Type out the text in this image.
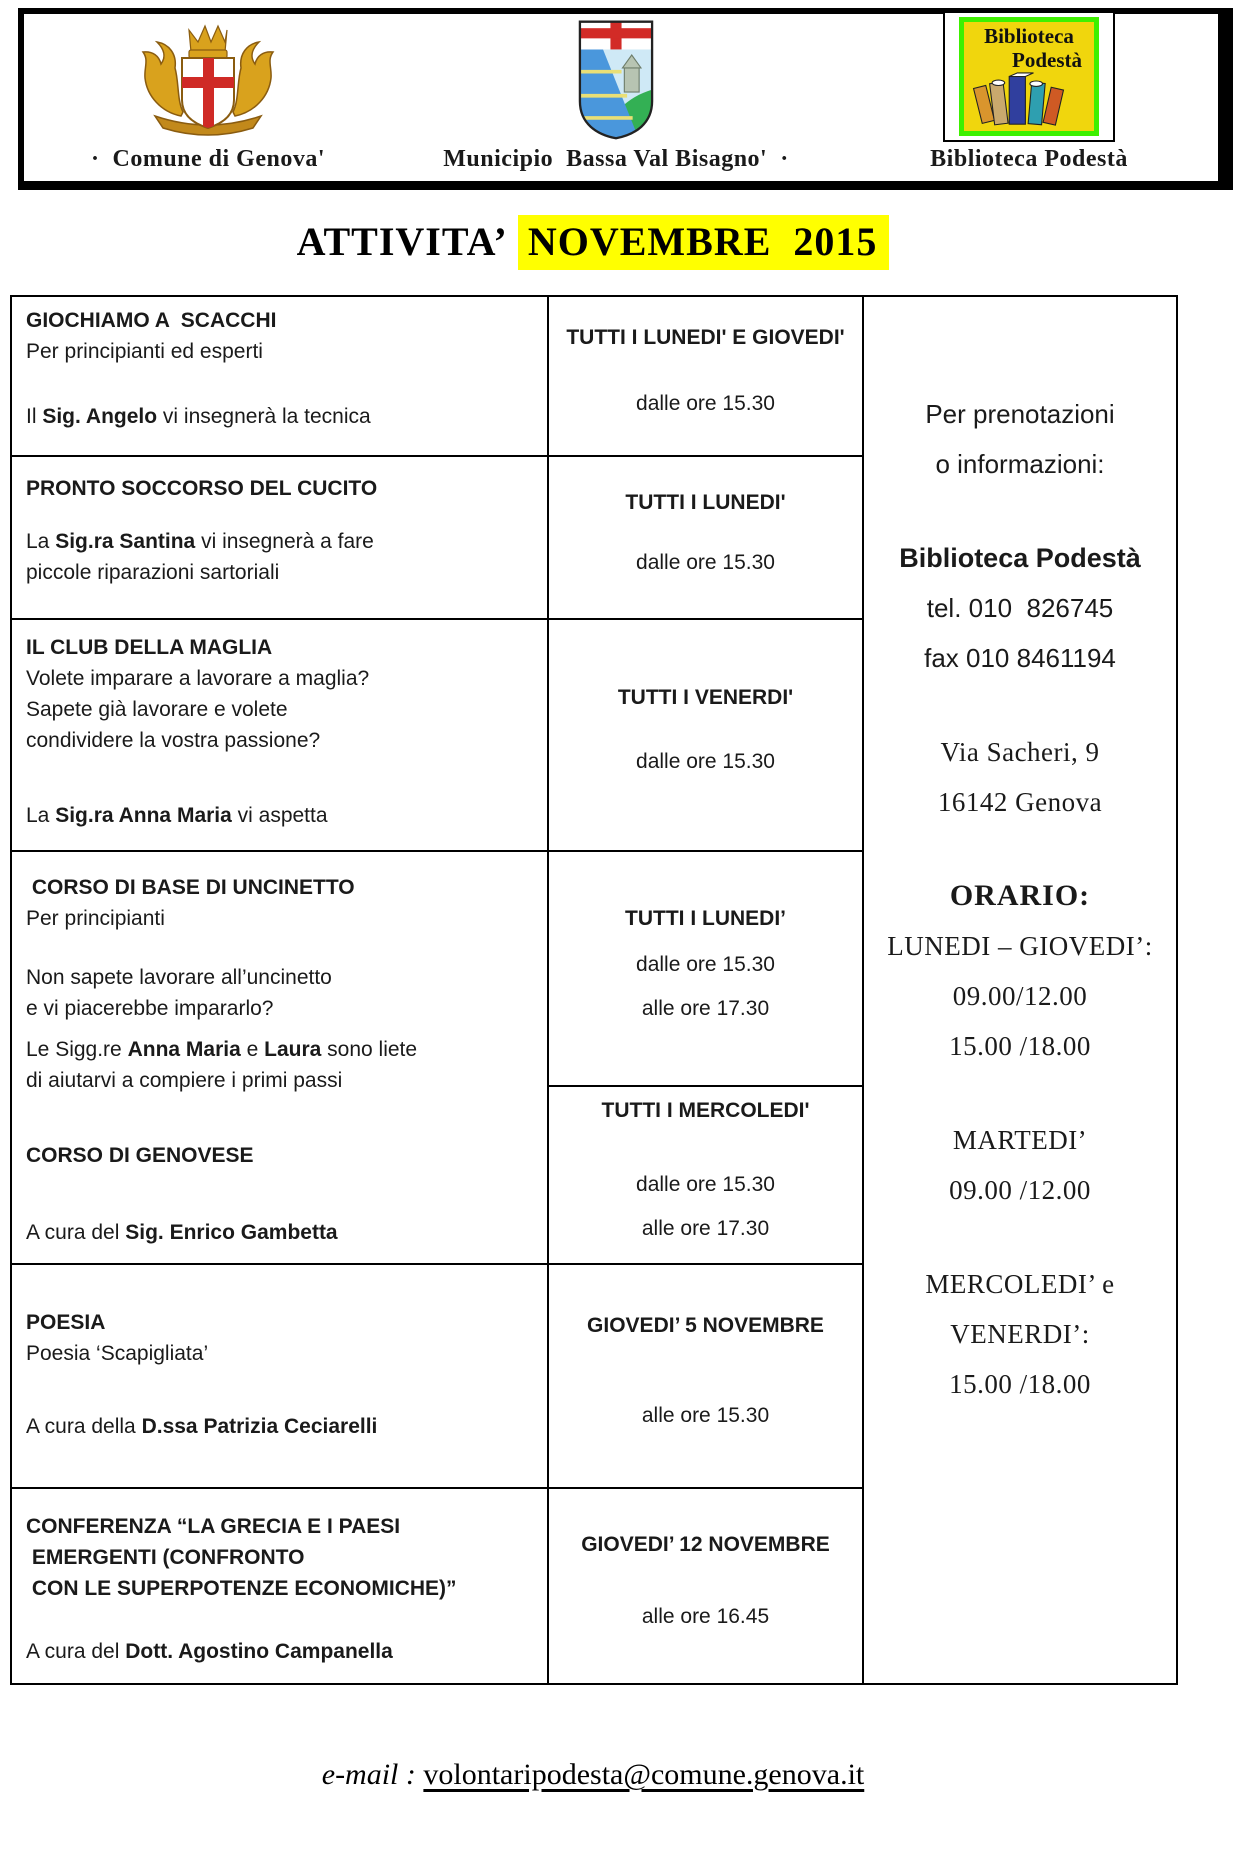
·  Comune di Genova'	Municipio  Bassa Val Bisagno'  ·
Biblioteca
Podestà
Biblioteca Podestà
ATTIVITA’ NOVEMBRE  2015
GIOCHIAMO A  SCACCHI
Per principianti ed esperti
Il Sig. Angelo vi insegnerà la tecnica
PRONTO SOCCORSO DEL CUCITO
La Sig.ra Santina vi insegnerà a fare
piccole riparazioni sartoriali
IL CLUB DELLA MAGLIA
Volete imparare a lavorare a maglia?
Sapete già lavorare e volete
condividere la vostra passione?
La Sig.ra Anna Maria vi aspetta
CORSO DI BASE DI UNCINETTO
Per principianti
Non sapete lavorare all’uncinetto
e vi piacerebbe impararlo?
Le Sigg.re Anna Maria e Laura sono liete
di aiutarvi a compiere i primi passi
CORSO DI GENOVESE
A cura del Sig. Enrico Gambetta
POESIA
Poesia ‘Scapigliata’
A cura della D.ssa Patrizia Ceciarelli
CONFERENZA “LA GRECIA E I PAESI
EMERGENTI (CONFRONTO
CON LE SUPERPOTENZE ECONOMICHE)”
A cura del Dott. Agostino Campanella
TUTTI I LUNEDI' E GIOVEDI'
dalle ore 15.30
TUTTI I LUNEDI'
dalle ore 15.30
TUTTI I VENERDI'
dalle ore 15.30
TUTTI I LUNEDI’
dalle ore 15.30
alle ore 17.30
TUTTI I MERCOLEDI'
dalle ore 15.30
alle ore 17.30
GIOVEDI’ 5 NOVEMBRE
alle ore 15.30
GIOVEDI’ 12 NOVEMBRE
alle ore 16.45
Per prenotazioni
o informazioni:
Biblioteca Podestà
tel. 010  826745
fax 010 8461194
Via Sacheri, 9
16142 Genova
ORARIO:
LUNEDI – GIOVEDI’:
09.00/12.00
15.00 /18.00
MARTEDI’
09.00 /12.00
MERCOLEDI’ e
VENERDI’:
15.00 /18.00
e-mail : volontaripodesta@comune.genova.it
